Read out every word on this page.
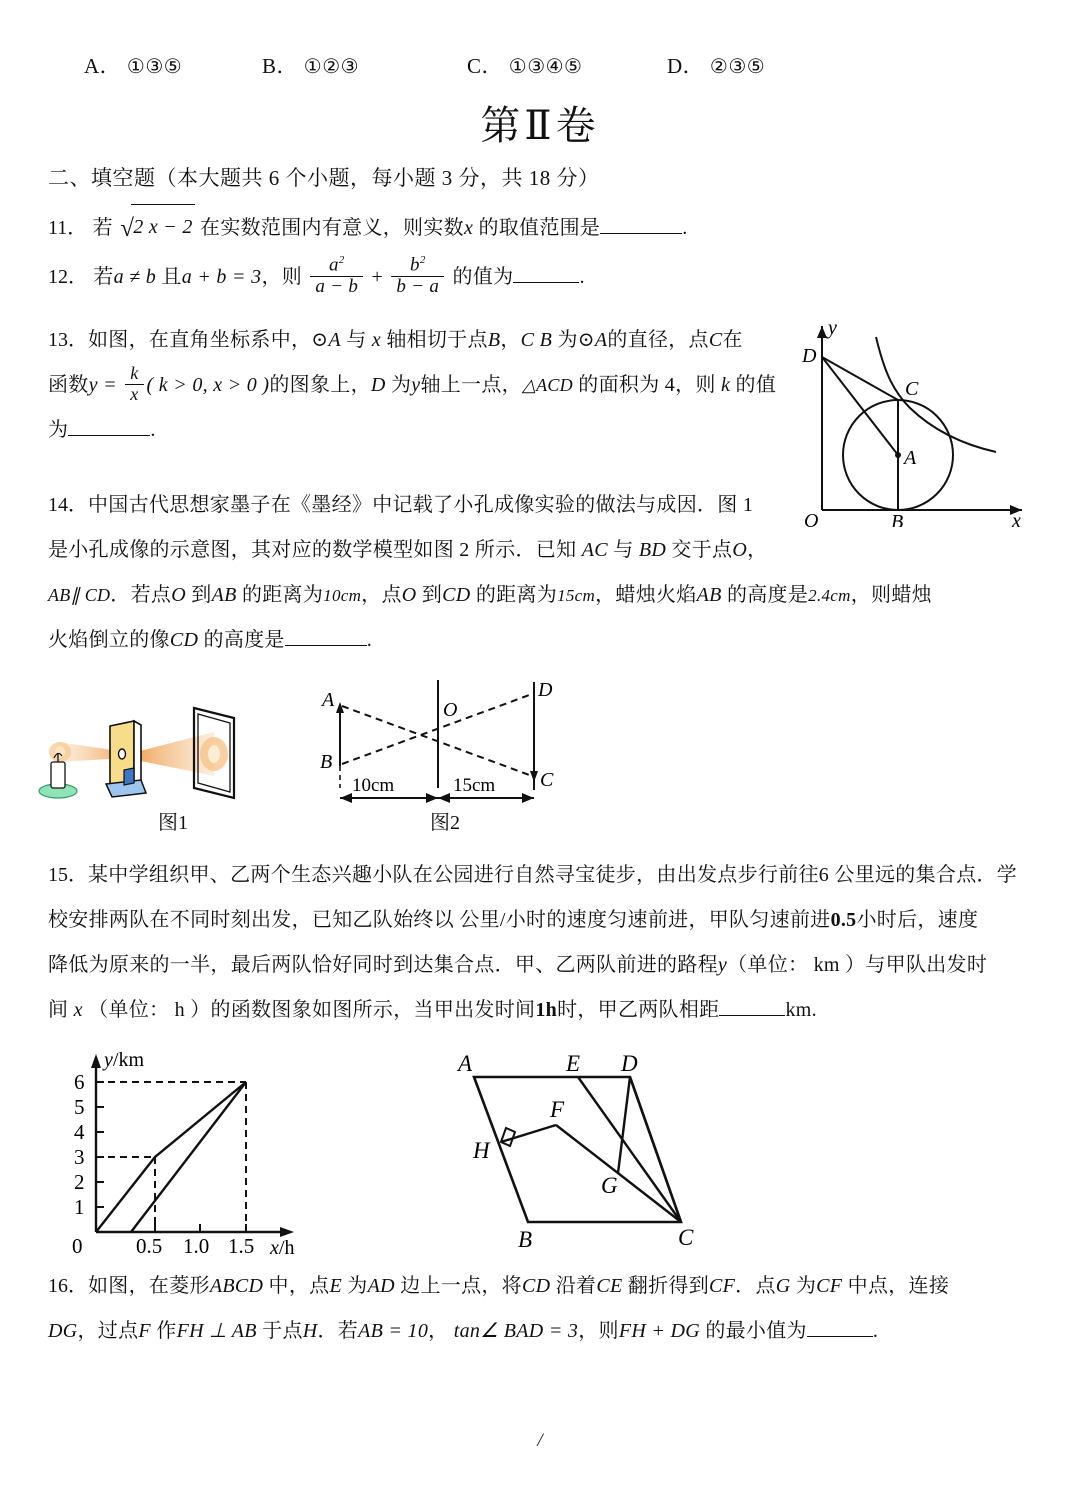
A． ①③⑤	B． ①②③	C． ①③④⑤	D． ②③⑤
第Ⅱ卷
二、填空题（本大题共 6 个小题，每小题 3 分，共 18 分）
11． 若 √2 x − 2 在实数范围内有意义，则实数x 的取值范围是	.
12． 若a ≠ b 且a + b = 3，则 $\frac{a^2}{a - b} + \frac{b^2}{b - a}$ 的值为	.
13．如图，在直角坐标系中，⊙A 与 x 轴相切于点B，C B 为⊙A的直径，点C在
函数$y = \frac{k}{x}$ ( k > 0, x > 0 )的图象上，D 为y轴上一点，△ACD 的面积为 4，则 k 的值
为	.
y
x
O
A
B
C
D
14．中国古代思想家墨子在《墨经》中记载了小孔成像实验的做法与成因．图 1
是小孔成像的示意图，其对应的数学模型如图 2 所示．已知 AC 与 BD 交于点O，
AB∥ CD．若点O 到AB 的距离为10cm，点O 到CD 的距离为15cm，蜡烛火焰AB 的高度是2.4cm，则蜡烛
火焰倒立的像CD 的高度是	.
图1
A
B
D
C
O
10cm	15cm
图2
15．某中学组织甲、乙两个生态兴趣小队在公园进行自然寻宝徒步，由出发点步行前往6 公里远的集合点．学
校安排两队在不同时刻出发，已知乙队始终以 公里/小时的速度匀速前进，甲队匀速前进0.5小时后，速度
降低为原来的一半，最后两队恰好同时到达集合点．甲、乙两队前进的路程y（单位： km ）与甲队出发时
间 x （单位： h ）的函数图象如图所示，当甲出发时间1h时，甲乙两队相距	km.
1
2
3
4
5
6
0	0.5 1.0 1.5
y/km
x/h
A	E D
F
H
G
B	C
16．如图，在菱形ABCD 中，点E 为AD 边上一点，将CD 沿着CE 翻折得到CF．点G 为CF 中点，连接
DG，过点F 作FH ⊥ AB 于点H．若AB = 10， tan∠ BAD = 3，则FH + DG 的最小值为	.
/
